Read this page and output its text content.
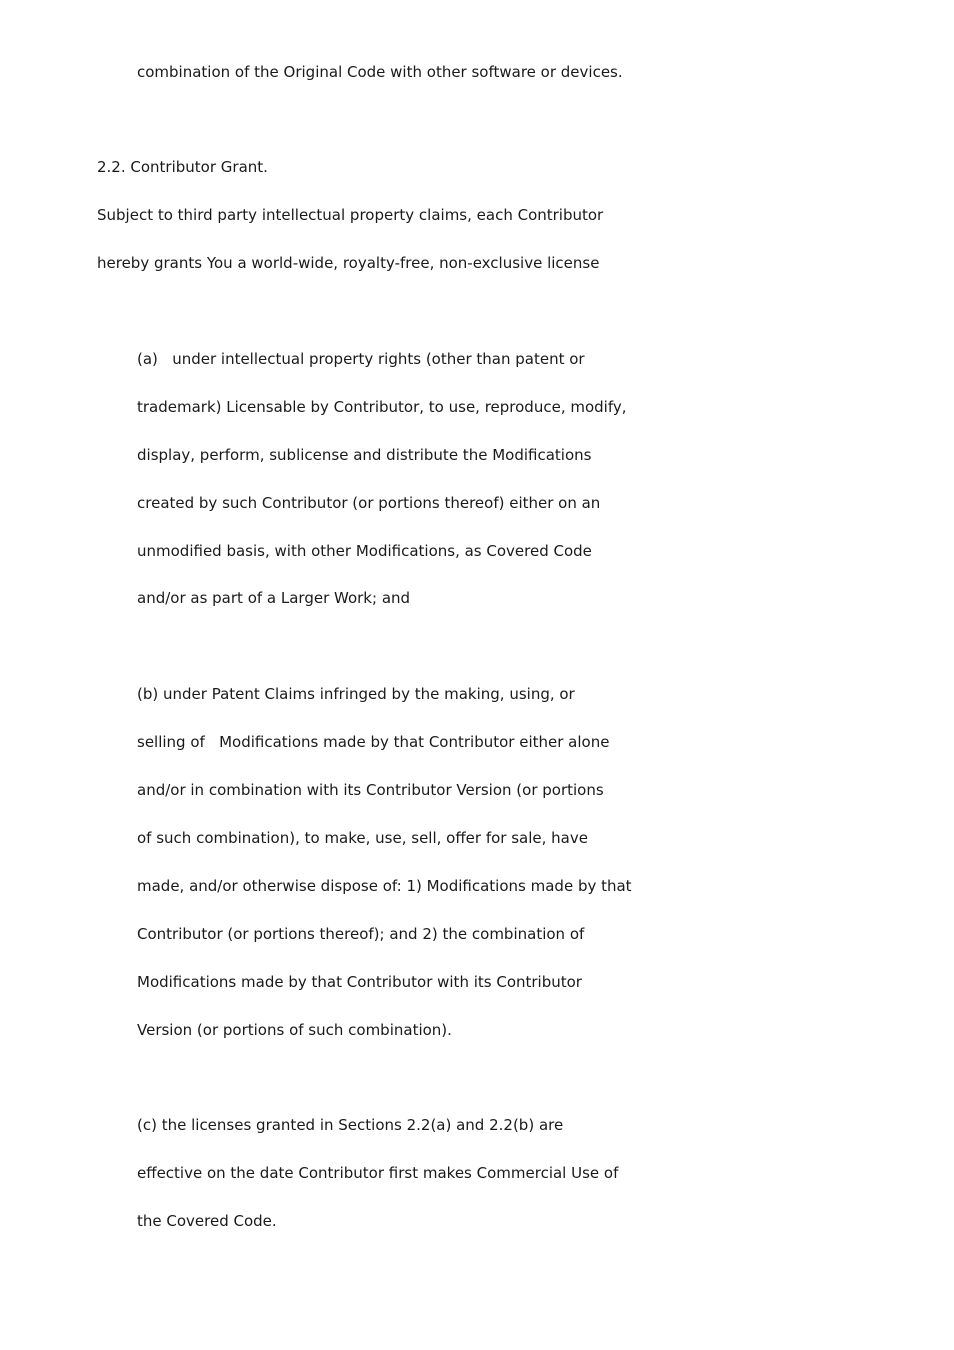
combination of the Original Code with other software or devices.
2.2. Contributor Grant.
Subject to third party intellectual property claims, each Contributor
hereby grants You a world-wide, royalty-free, non-exclusive license
(a)   under intellectual property rights (other than patent or
trademark) Licensable by Contributor, to use, reproduce, modify,
display, perform, sublicense and distribute the Modifications
created by such Contributor (or portions thereof) either on an
unmodified basis, with other Modifications, as Covered Code
and/or as part of a Larger Work; and
(b) under Patent Claims infringed by the making, using, or
selling of   Modifications made by that Contributor either alone
and/or in combination with its Contributor Version (or portions
of such combination), to make, use, sell, offer for sale, have
made, and/or otherwise dispose of: 1) Modifications made by that
Contributor (or portions thereof); and 2) the combination of
Modifications made by that Contributor with its Contributor
Version (or portions of such combination).
(c) the licenses granted in Sections 2.2(a) and 2.2(b) are
effective on the date Contributor first makes Commercial Use of
the Covered Code.
